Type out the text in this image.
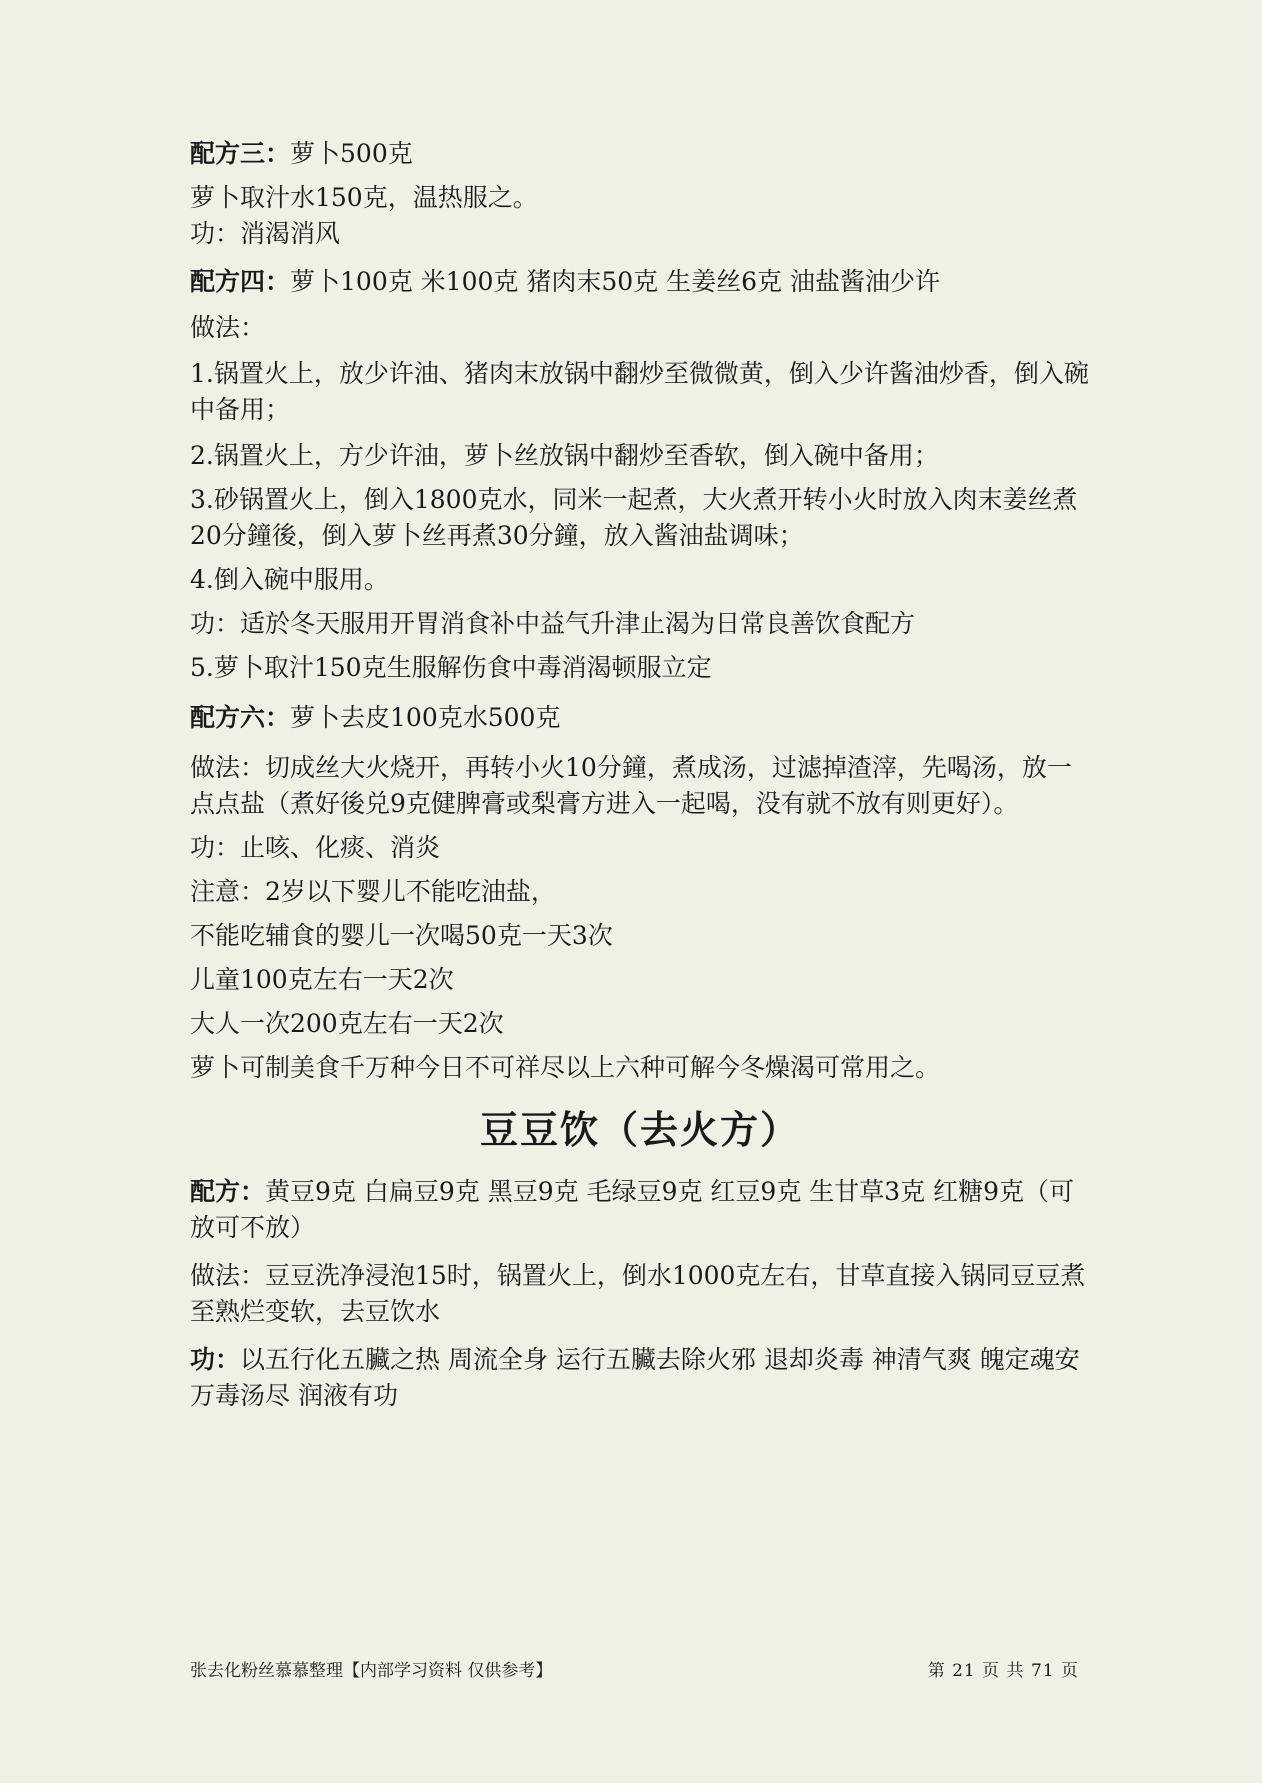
配方三：萝卜500克

萝卜取汁水150克，温热服之。

功：消渴消风

配方四：萝卜100克 米100克 猪肉末50克 生姜丝6克 油盐酱油少许

做法：

1.锅置火上，放少许油、猪肉末放锅中翻炒至微微黄，倒入少许酱油炒香，倒入碗中备用；

2.锅置火上，方少许油，萝卜丝放锅中翻炒至香软，倒入碗中备用；

3.砂锅置火上，倒入1800克水，同米一起煮，大火煮开转小火时放入肉末姜丝煮20分鐘後，倒入萝卜丝再煮30分鐘，放入酱油盐调味；

4.倒入碗中服用。

功：适於冬天服用开胃消食补中益气升津止渴为日常良善饮食配方

5.萝卜取汁150克生服解伤食中毒消渴顿服立定

配方六：萝卜去皮100克水500克

做法：切成丝大火烧开，再转小火10分鐘，煮成汤，过滤掉渣滓，先喝汤，放一点点盐（煮好後兑9克健脾膏或梨膏方进入一起喝，没有就不放有则更好）。

功：止咳、化痰、消炎

注意：2岁以下婴儿不能吃油盐，

不能吃辅食的婴儿一次喝50克一天3次

儿童100克左右一天2次

大人一次200克左右一天2次

萝卜可制美食千万种今日不可祥尽以上六种可解今冬燥渴可常用之。

豆豆饮（去火方）

配方：黄豆9克 白扁豆9克 黑豆9克 毛绿豆9克 红豆9克 生甘草3克 红糖9克（可放可不放）

做法：豆豆洗净浸泡15时，锅置火上，倒水1000克左右，甘草直接入锅同豆豆煮至熟烂变软，去豆饮水

功：以五行化五臟之热 周流全身 运行五臟去除火邪 退却炎毒 神清气爽 魄定魂安 万毒汤尽 润液有功

张去化粉丝慕慕整理【内部学习资料 仅供参考】	第 21 页 共 71 页
